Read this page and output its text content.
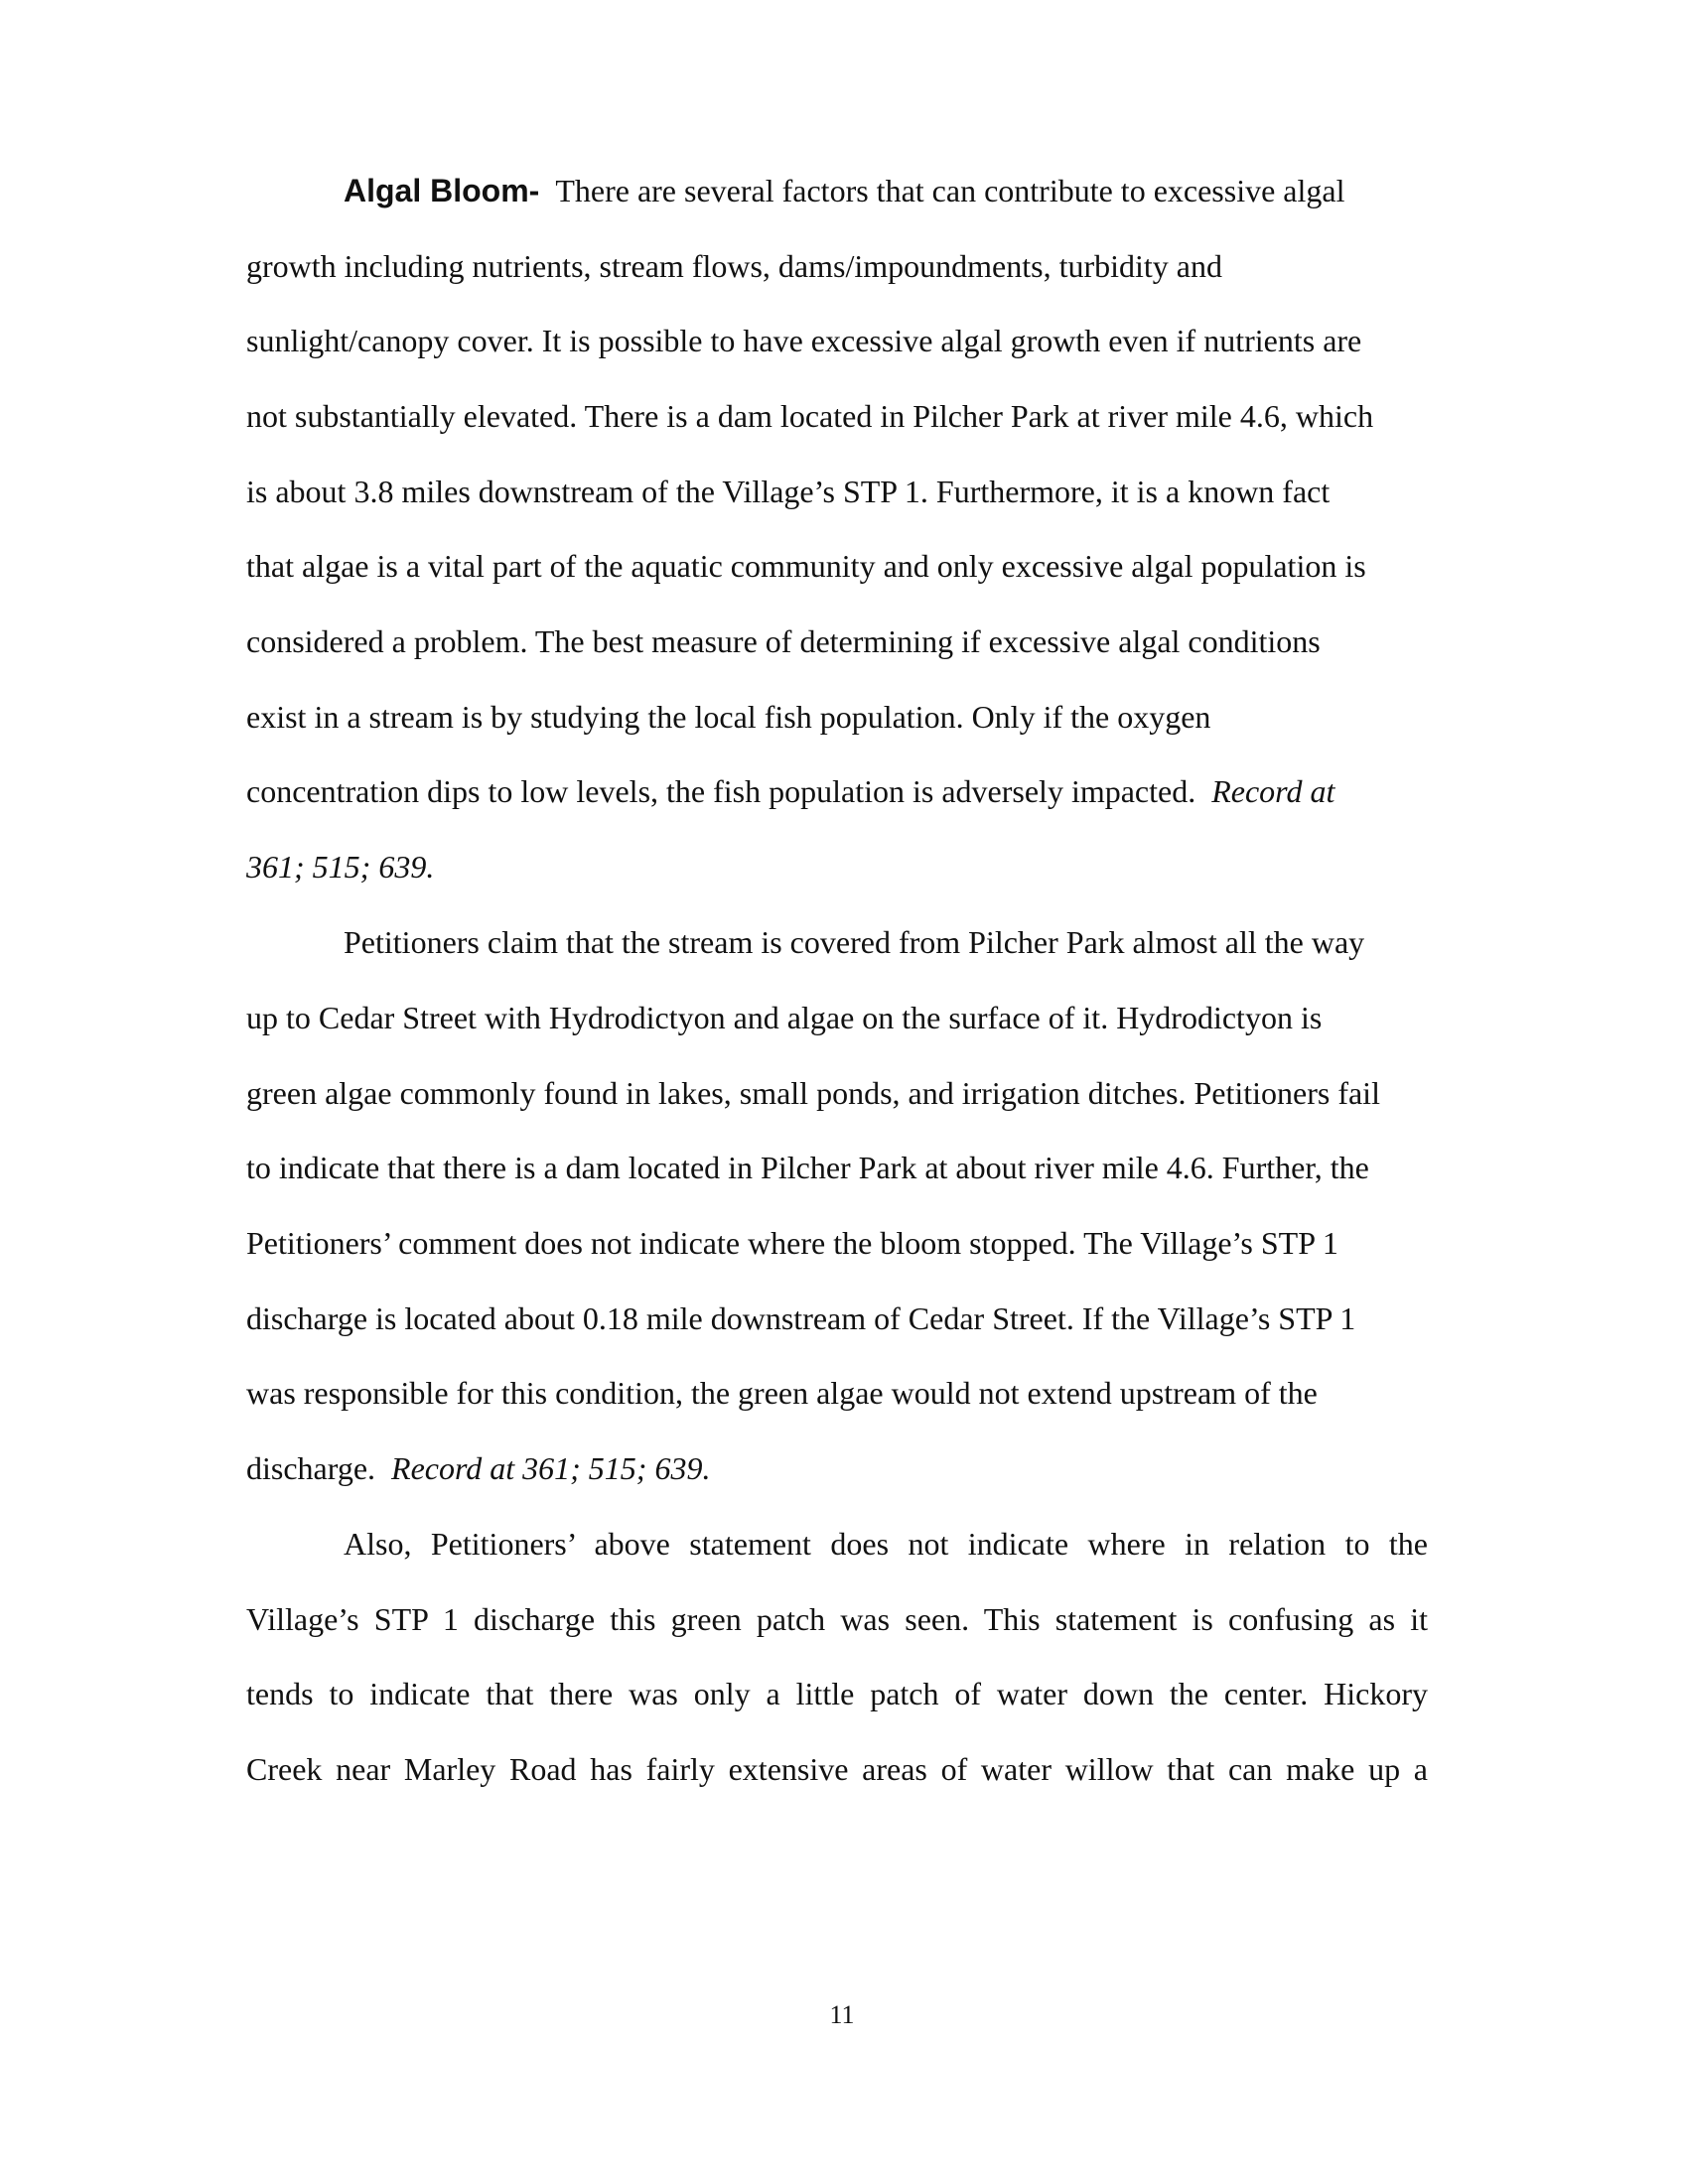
Algal Bloom- There are several factors that can contribute to excessive algal
growth including nutrients, stream flows, dams/impoundments, turbidity and
sunlight/canopy cover. It is possible to have excessive algal growth even if nutrients are
not substantially elevated. There is a dam located in Pilcher Park at river mile 4.6, which
is about 3.8 miles downstream of the Village’s STP 1. Furthermore, it is a known fact
that algae is a vital part of the aquatic community and only excessive algal population is
considered a problem. The best measure of determining if excessive algal conditions
exist in a stream is by studying the local fish population. Only if the oxygen
concentration dips to low levels, the fish population is adversely impacted. Record at
361; 515; 639.
Petitioners claim that the stream is covered from Pilcher Park almost all the way
up to Cedar Street with Hydrodictyon and algae on the surface of it. Hydrodictyon is
green algae commonly found in lakes, small ponds, and irrigation ditches. Petitioners fail
to indicate that there is a dam located in Pilcher Park at about river mile 4.6. Further, the
Petitioners’ comment does not indicate where the bloom stopped. The Village’s STP 1
discharge is located about 0.18 mile downstream of Cedar Street. If the Village’s STP 1
was responsible for this condition, the green algae would not extend upstream of the
discharge. Record at 361; 515; 639.
Also, Petitioners’ above statement does not indicate where in relation to the
Village’s STP 1 discharge this green patch was seen. This statement is confusing as it
tends to indicate that there was only a little patch of water down the center. Hickory
Creek near Marley Road has fairly extensive areas of water willow that can make up a
11
